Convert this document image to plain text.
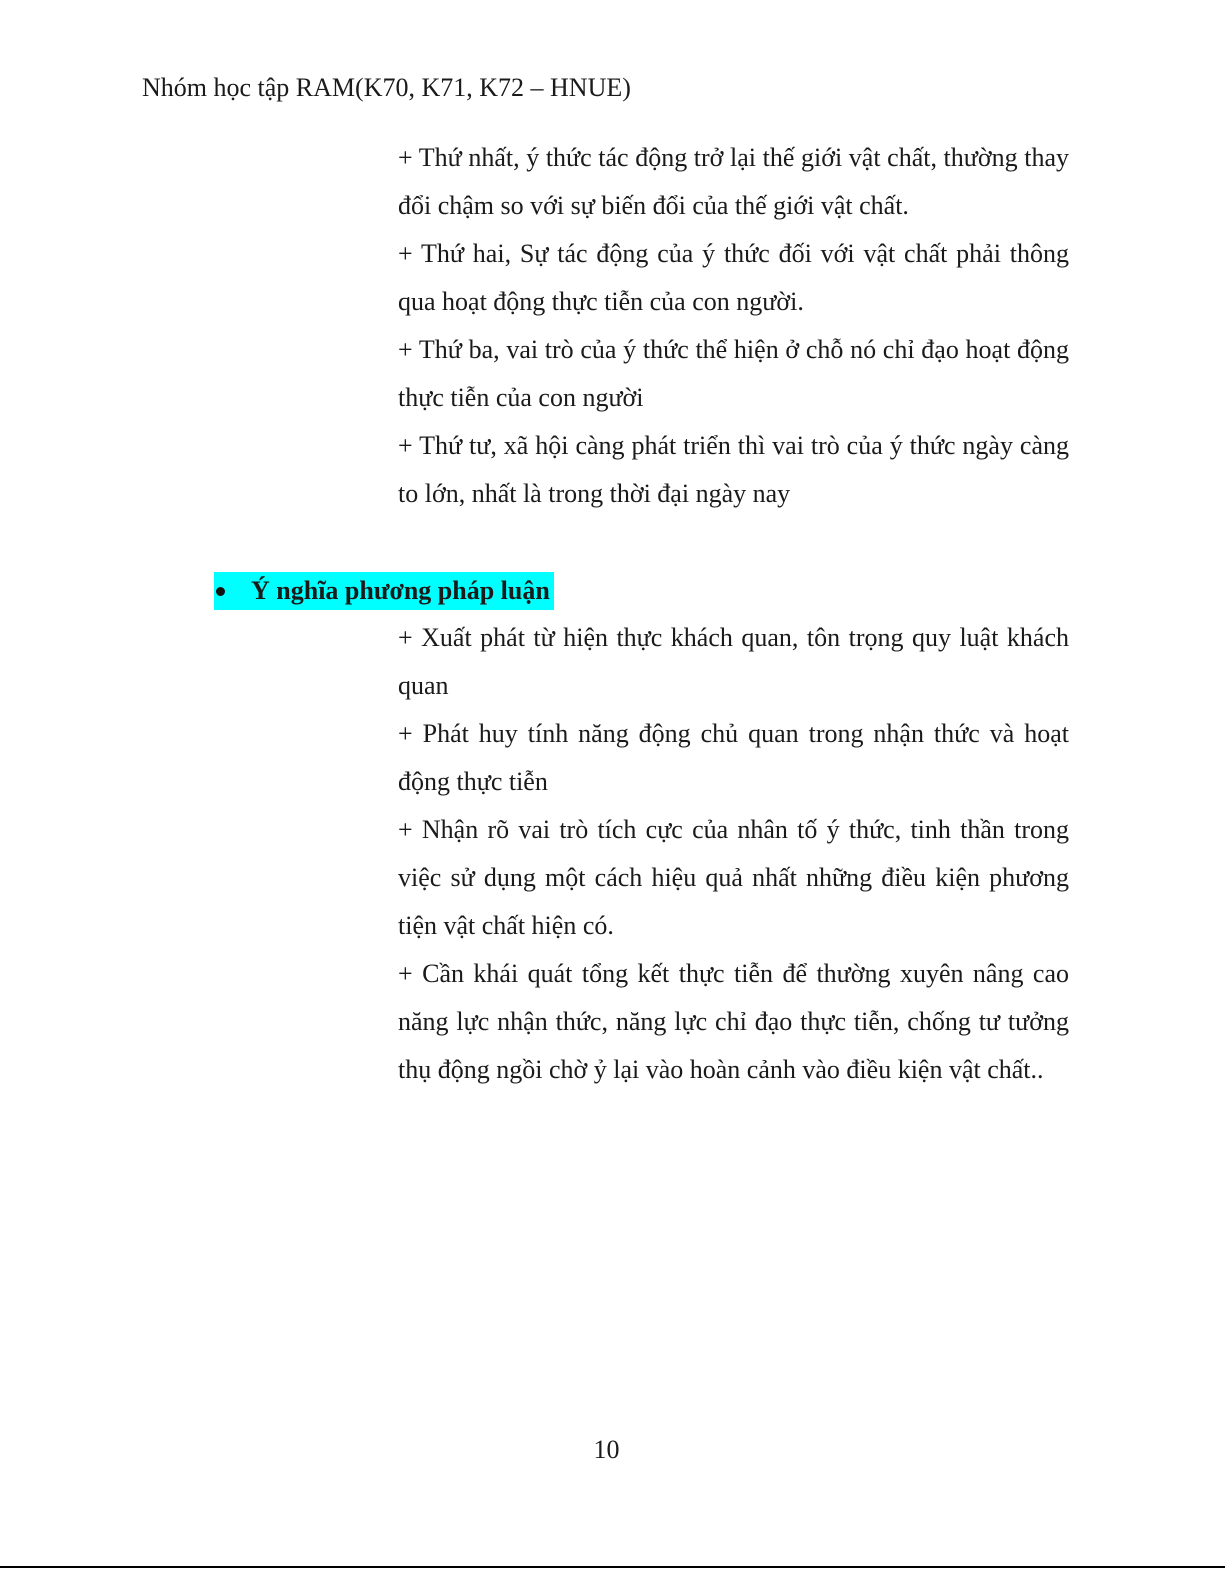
Nhóm học tập RAM(K70, K71, K72 – HNUE)

+ Thứ nhất, ý thức tác động trở lại thế giới vật chất, thường thay đổi chậm so với sự biến đổi của thế giới vật chất.

+ Thứ hai, Sự tác động của ý thức đối với vật chất phải thông qua hoạt động thực tiễn của con người.

+ Thứ ba, vai trò của ý thức thể hiện ở chỗ nó chỉ đạo hoạt động thực tiễn của con người

+ Thứ tư, xã hội càng phát triển thì vai trò của ý thức ngày càng to lớn, nhất là trong thời đại ngày nay

Ý nghĩa phương pháp luận

+ Xuất phát từ hiện thực khách quan, tôn trọng quy luật khách quan

+ Phát huy tính năng động chủ quan trong nhận thức và hoạt động thực tiễn

+ Nhận rõ vai trò tích cực của nhân tố ý thức, tinh thần trong việc sử dụng một cách hiệu quả nhất những điều kiện phương tiện vật chất hiện có.

+ Cần khái quát tổng kết thực tiễn để thường xuyên nâng cao năng lực nhận thức, năng lực chỉ đạo thực tiễn, chống tư tưởng thụ động ngồi chờ ỷ lại vào hoàn cảnh vào điều kiện vật chất..

10
